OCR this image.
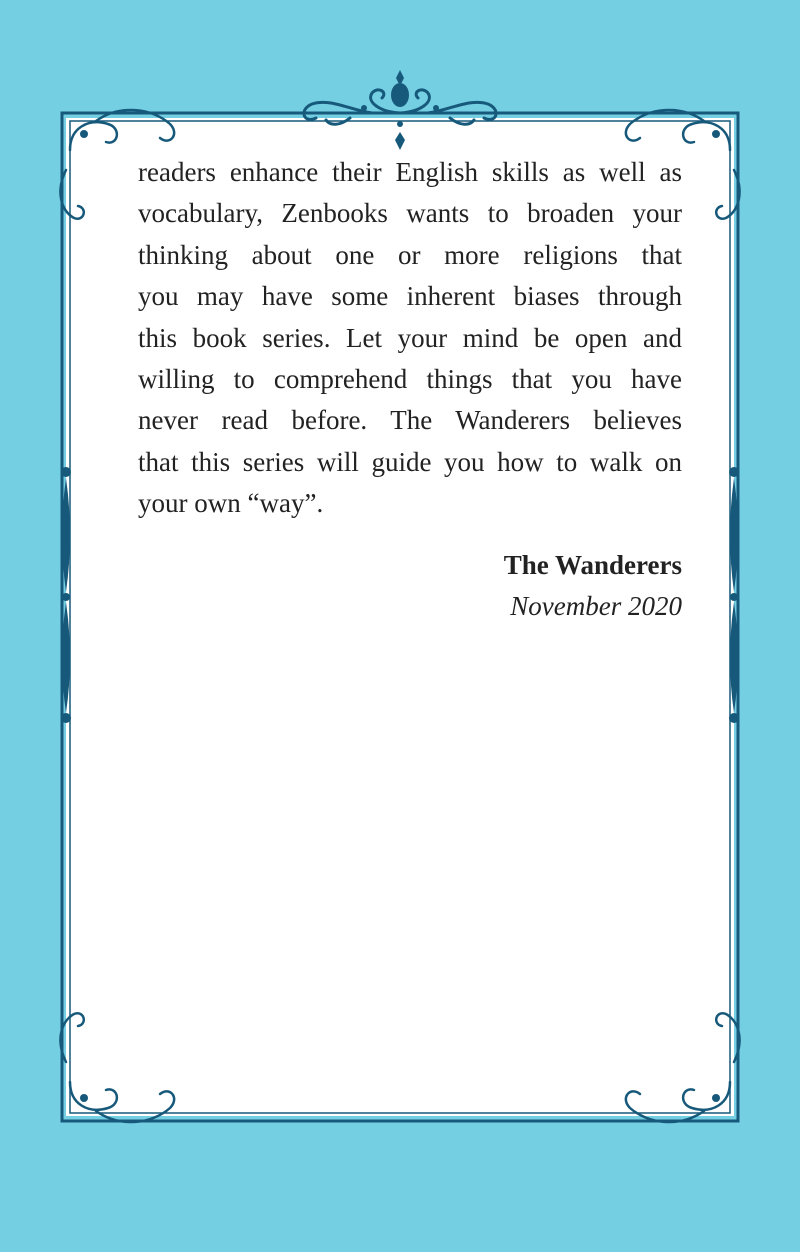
readers enhance their English skills as well as
vocabulary, Zenbooks wants to broaden your
thinking about one or more religions that
you may have some inherent biases through
this book series. Let your mind be open and
willing to comprehend things that you have
never read before. The Wanderers believes
that this series will guide you how to walk on
your own “way”.
The Wanderers
November 2020
